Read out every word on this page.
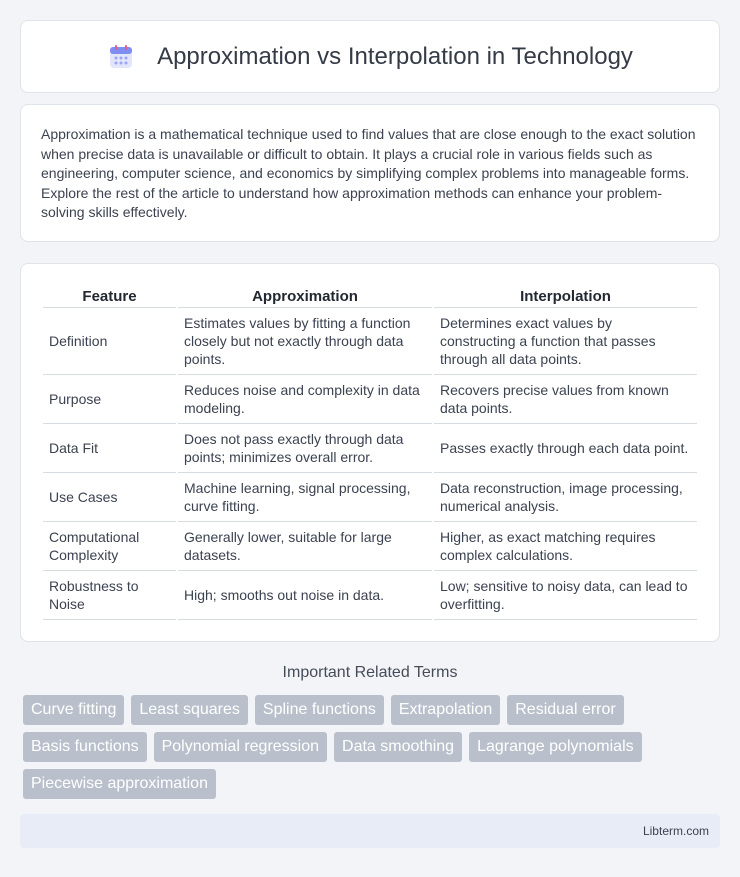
Approximation vs Interpolation in Technology

Approximation is a mathematical technique used to find values that are close enough to the exact solution when precise data is unavailable or difficult to obtain. It plays a crucial role in various fields such as engineering, computer science, and economics by simplifying complex problems into manageable forms. Explore the rest of the article to understand how approximation methods can enhance your problem-solving skills effectively.

Feature	Approximation	Interpolation
Definition	Estimates values by fitting a function closely but not exactly through data points.	Determines exact values by constructing a function that passes through all data points.
Purpose	Reduces noise and complexity in data modeling.	Recovers precise values from known data points.
Data Fit	Does not pass exactly through data points; minimizes overall error.	Passes exactly through each data point.
Use Cases	Machine learning, signal processing, curve fitting.	Data reconstruction, image processing, numerical analysis.
Computational Complexity	Generally lower, suitable for large datasets.	Higher, as exact matching requires complex calculations.
Robustness to Noise	High; smooths out noise in data.	Low; sensitive to noisy data, can lead to overfitting.
Important Related Terms
Curve fitting	Least squares	Spline functions	Extrapolation	Residual error
Basis functions	Polynomial regression	Data smoothing	Lagrange polynomials
Piecewise approximation
Libterm.com
